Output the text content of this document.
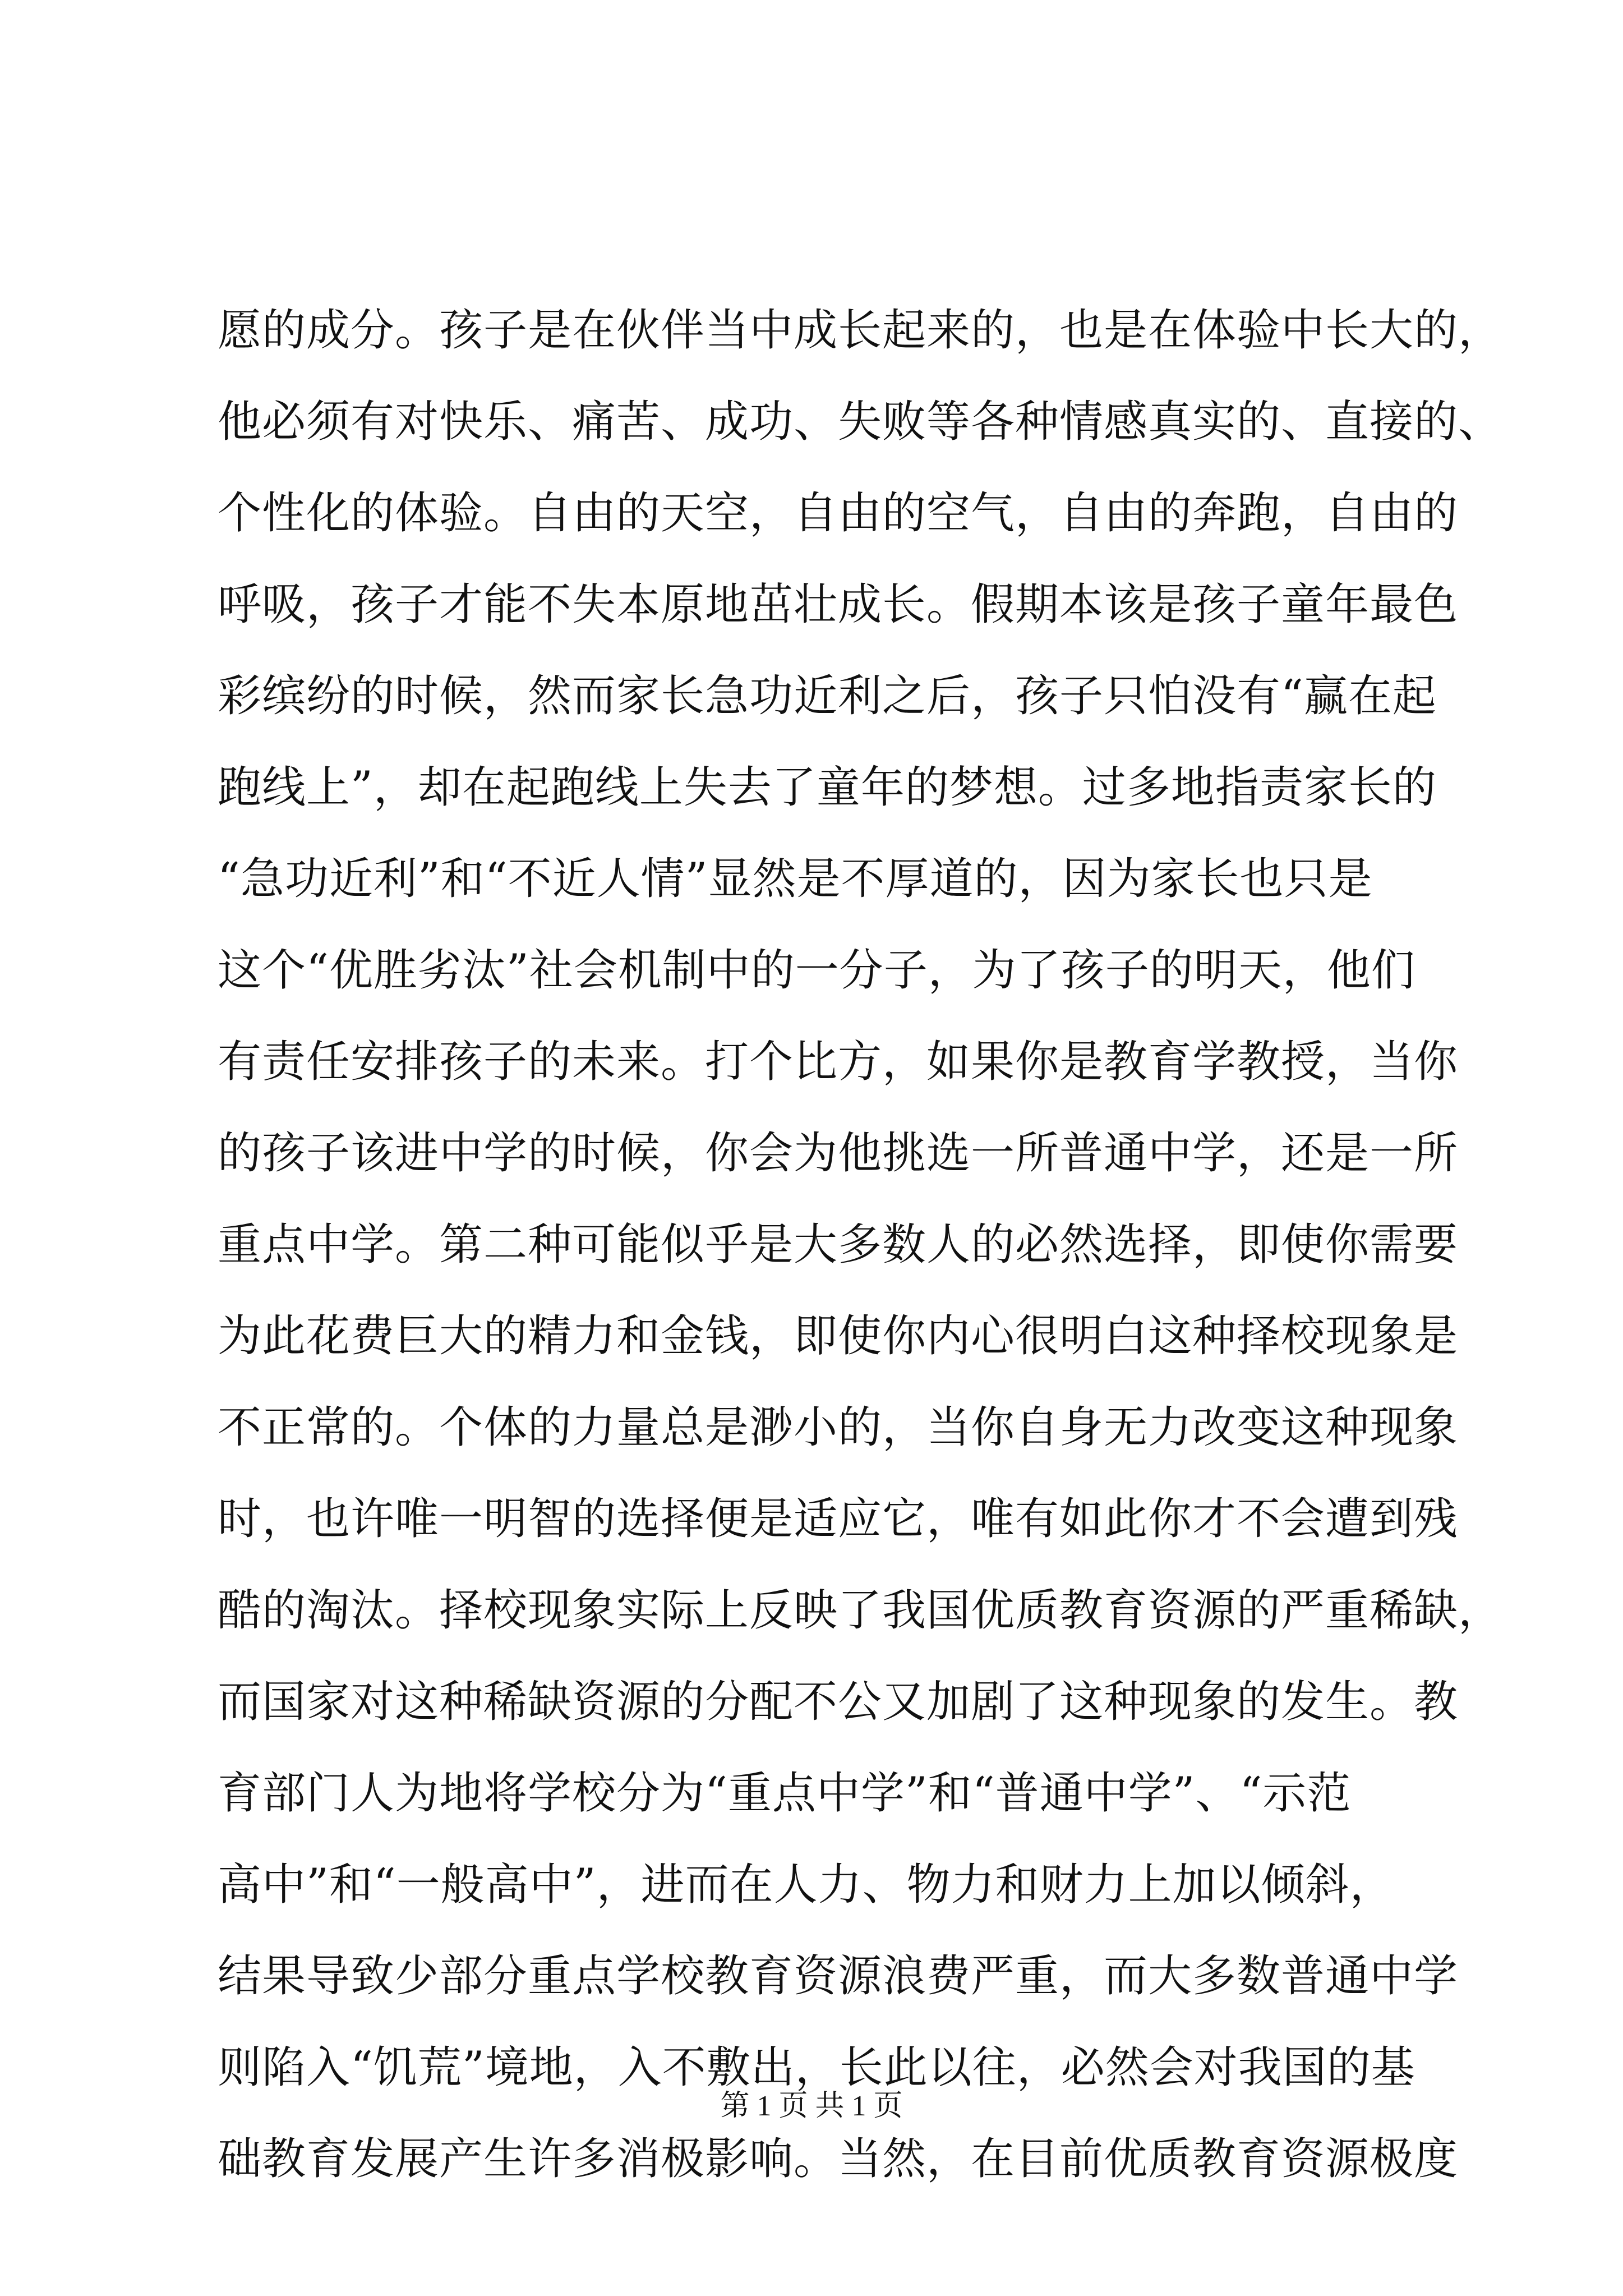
愿的成分。孩子是在伙伴当中成长起来的，也是在体验中长大的，
他必须有对快乐、痛苦、成功、失败等各种情感真实的、直接的、
个性化的体验。自由的天空，自由的空气，自由的奔跑，自由的
呼吸，孩子才能不失本原地茁壮成长。假期本该是孩子童年最色
彩缤纷的时候，然而家长急功近利之后，孩子只怕没有“赢在起
跑线上”，却在起跑线上失去了童年的梦想。过多地指责家长的
“急功近利”和“不近人情”显然是不厚道的，因为家长也只是
这个“优胜劣汰”社会机制中的一分子，为了孩子的明天，他们
有责任安排孩子的未来。打个比方，如果你是教育学教授，当你
的孩子该进中学的时候，你会为他挑选一所普通中学，还是一所
重点中学。第二种可能似乎是大多数人的必然选择，即使你需要
为此花费巨大的精力和金钱，即使你内心很明白这种择校现象是
不正常的。个体的力量总是渺小的，当你自身无力改变这种现象
时，也许唯一明智的选择便是适应它，唯有如此你才不会遭到残
酷的淘汰。择校现象实际上反映了我国优质教育资源的严重稀缺，
而国家对这种稀缺资源的分配不公又加剧了这种现象的发生。教
育部门人为地将学校分为“重点中学”和“普通中学”、“示范
高中”和“一般高中”，进而在人力、物力和财力上加以倾斜，
结果导致少部分重点学校教育资源浪费严重，而大多数普通中学
则陷入“饥荒”境地，入不敷出，长此以往，必然会对我国的基
础教育发展产生许多消极影响。当然，在目前优质教育资源极度
第 1 页 共 1 页
